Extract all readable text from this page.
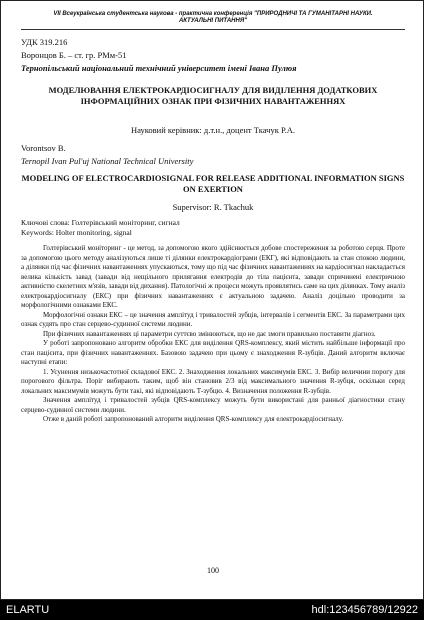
VII Всеукраїнська студентська наукова - практична конференція "ПРИРОДНИЧІ ТА ГУМАНІТАРНІ НАУКИ.
АКТУАЛЬНІ ПИТАННЯ"
УДК 319.216
Воронцов Б. – ст. гр. РМм-51
Тернопільський національний технічний університет імені Івана Пулюя
МОДЕЛЮВАННЯ ЕЛЕКТРОКАРДІОСИГНАЛУ ДЛЯ ВИДІЛЕННЯ ДОДАТКОВИХ ІНФОРМАЦІЙНИХ ОЗНАК ПРИ ФІЗИЧНИХ НАВАНТАЖЕННЯХ
Науковий керівник: д.т.н., доцент Ткачук Р.А.
Vorontsov B.
Ternopil Ivan Pul'uj National Technical University
MODELING OF ELECTROCARDIOSIGNAL FOR RELEASE ADDITIONAL INFORMATION SIGNS ON EXERTION
Supervisor: R. Tkachuk
Ключові слова: Голтерівський моніторинг, сигнал
Keywords: Holter monitoring, signal

Голтерівський моніторинг - це метод, за допомогою якого здійснюється добове спостереження за роботою серця. Проте за допомогою цього методу аналізуються лише ті ділянки електрокардіограми (ЕКГ), які відповідають за стан спокою людини, а ділянки під час фізичних навантаженнях упускаються, тому що під час фізичних навантаженнях на кардіосигнал накладається велика кількість завад (завади від нещільного прилягання електродів до тіла пацієнта, завади спричинені електричною активністю скелетних м'язів, завади від дихання). Патологічні ж процеси можуть проявлятись саме на цих ділянках. Тому аналіз електрокардіосигналу (ЕКС) при фізичних навантаженнях є актуальною задачею. Аналіз доцільно проводити за морфологічними ознаками ЕКС.

Морфологічні ознаки ЕКС – це значення амплітуд і тривалостей зубців, інтервалів і сегментів ЕКС. За параметрами цих ознак судять про стан серцево-судинної системи людини.

При фізичних навантаженнях ці параметри суттєво змінюються, що не дає змоги правильно поставити діагноз.

У роботі запропоновано алгоритм обробки ЕКС для виділення QRS-комплексу, який містить найбільше інформації про стан пацієнта, при фізичних навантаженнях. Базовою задачею при цьому є знаходження R-зубців. Даний алгоритм включає наступні етапи:

1. Усунення низькочастотної складової ЕКС. 2. Знаходження локальних максимумів ЕКС. 3. Вибір величини порогу для порогового фільтра. Поріг вибирають таким, щоб він становив 2/3 від максимального значення R-зубця, оскільки серед локальних максимумів можуть бути такі, які відповідають Т-зубцю. 4. Визначення положення R-зубців.

Значення амплітуд і тривалостей зубців QRS-комплексу можуть бути використані для ранньої діагностики стану серцево-судинної системи людини.

Отже в даній роботі запропонований алгоритм виділення QRS-комплексу для електрокардіосигналу.

100
ELARTU	hdl:123456789/12922
